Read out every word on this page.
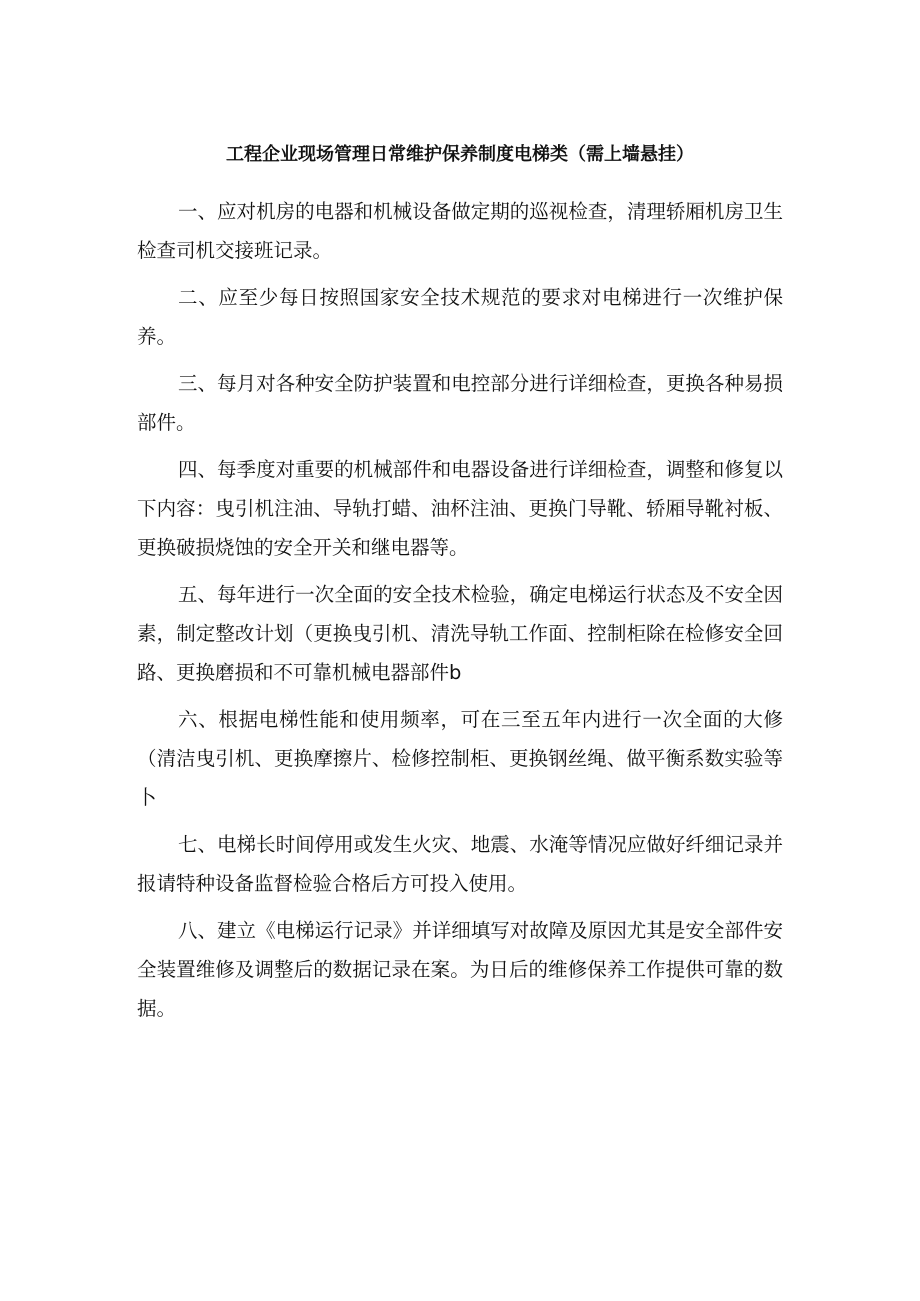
工程企业现场管理日常维护保养制度电梯类（需上墙悬挂）

一、应对机房的电器和机械设备做定期的巡视检查，清理轿厢机房卫生检查司机交接班记录。

二、应至少每日按照国家安全技术规范的要求对电梯进行一次维护保养。

三、每月对各种安全防护装置和电控部分进行详细检查，更换各种易损部件。

四、每季度对重要的机械部件和电器设备进行详细检查，调整和修复以下内容：曳引机注油、导轨打蜡、油杯注油、更换门导靴、轿厢导靴衬板、更换破损烧蚀的安全开关和继电器等。

五、每年进行一次全面的安全技术检验，确定电梯运行状态及不安全因素，制定整改计划（更换曳引机、清洗导轨工作面、控制柜除在检修安全回路、更换磨损和不可靠机械电器部件b

六、根据电梯性能和使用频率，可在三至五年内进行一次全面的大修（清洁曳引机、更换摩擦片、检修控制柜、更换钢丝绳、做平衡系数实验等卜

七、电梯长时间停用或发生火灾、地震、水淹等情况应做好纤细记录并报请特种设备监督检验合格后方可投入使用。

八、建立《电梯运行记录》并详细填写对故障及原因尤其是安全部件安全装置维修及调整后的数据记录在案。为日后的维修保养工作提供可靠的数据。
